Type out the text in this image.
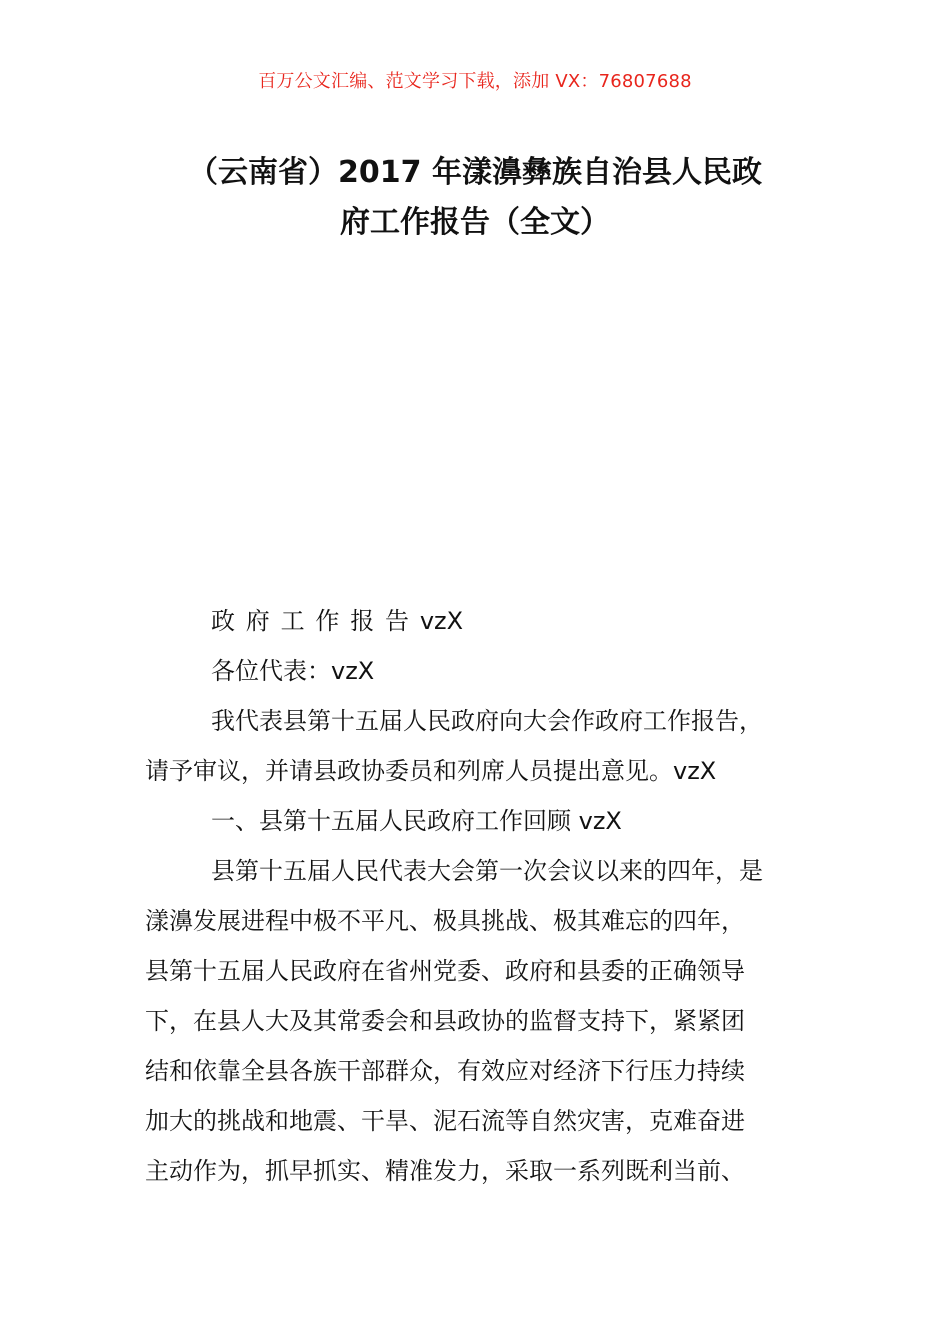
百万公文汇编、范文学习下载，添加 VX：76807688
（云南省）2017 年漾濞彝族自治县人民政
府工作报告（全文）

政府工作报告vzX

各位代表：vzX

我代表县第十五届人民政府向大会作政府工作报告，
请予审议，并请县政协委员和列席人员提出意见。vzX

一、县第十五届人民政府工作回顾 vzX

县第十五届人民代表大会第一次会议以来的四年，是
漾濞发展进程中极不平凡、极具挑战、极其难忘的四年，
县第十五届人民政府在省州党委、政府和县委的正确领导
下，在县人大及其常委会和县政协的监督支持下，紧紧团
结和依靠全县各族干部群众，有效应对经济下行压力持续
加大的挑战和地震、干旱、泥石流等自然灾害，克难奋进
主动作为，抓早抓实、精准发力，采取一系列既利当前、
